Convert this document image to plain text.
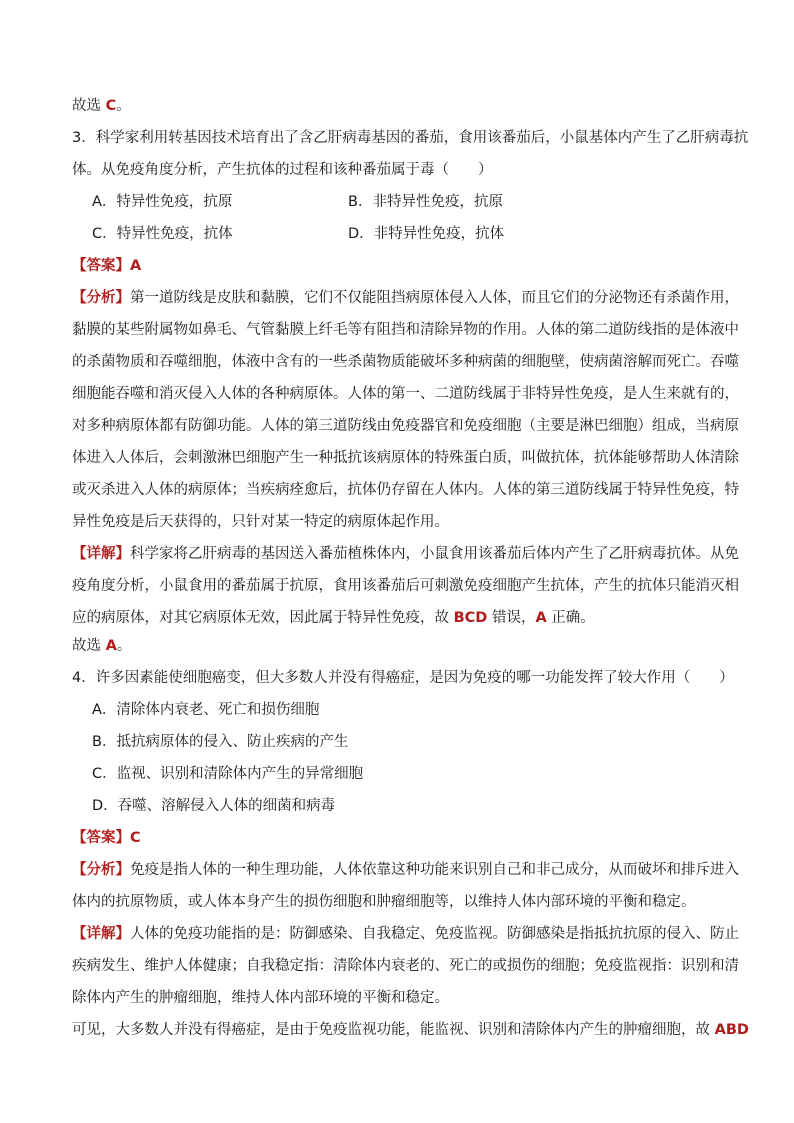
故选 C。
3．科学家利用转基因技术培育出了含乙肝病毒基因的番茄，食用该番茄后，小鼠基体内产生了乙肝病毒抗
体。从免疫角度分析，产生抗体的过程和该种番茄属于毒（　　）
A．特异性免疫，抗原	B．非特异性免疫，抗原
C．特异性免疫，抗体	D．非特异性免疫，抗体
【答案】A
【分析】第一道防线是皮肤和黏膜，它们不仅能阻挡病原体侵入人体，而且它们的分泌物还有杀菌作用，
黏膜的某些附属物如鼻毛、气管黏膜上纤毛等有阻挡和清除异物的作用。人体的第二道防线指的是体液中
的杀菌物质和吞噬细胞，体液中含有的一些杀菌物质能破坏多种病菌的细胞壁，使病菌溶解而死亡。吞噬
细胞能吞噬和消灭侵入人体的各种病原体。人体的第一、二道防线属于非特异性免疫，是人生来就有的，
对多种病原体都有防御功能。人体的第三道防线由免疫器官和免疫细胞（主要是淋巴细胞）组成，当病原
体进入人体后，会刺激淋巴细胞产生一种抵抗该病原体的特殊蛋白质，叫做抗体，抗体能够帮助人体清除
或灭杀进入人体的病原体；当疾病痊愈后，抗体仍存留在人体内。人体的第三道防线属于特异性免疫，特
异性免疫是后天获得的，只针对某一特定的病原体起作用。
【详解】科学家将乙肝病毒的基因送入番茄植株体内，小鼠食用该番茄后体内产生了乙肝病毒抗体。从免
疫角度分析，小鼠食用的番茄属于抗原，食用该番茄后可刺激免疫细胞产生抗体，产生的抗体只能消灭相
应的病原体，对其它病原体无效，因此属于特异性免疫，故 BCD 错误，A 正确。
故选 A。
4．许多因素能使细胞癌变，但大多数人并没有得癌症，是因为免疫的哪一功能发挥了较大作用（　　）
A．清除体内衰老、死亡和损伤细胞
B．抵抗病原体的侵入、防止疾病的产生
C．监视、识别和清除体内产生的异常细胞
D．吞噬、溶解侵入人体的细菌和病毒
【答案】C
【分析】免疫是指人体的一种生理功能，人体依靠这种功能来识别自己和非己成分，从而破坏和排斥进入
体内的抗原物质，或人体本身产生的损伤细胞和肿瘤细胞等，以维持人体内部环境的平衡和稳定。
【详解】人体的免疫功能指的是：防御感染、自我稳定、免疫监视。防御感染是指抵抗抗原的侵入、防止
疾病发生、维护人体健康；自我稳定指：清除体内衰老的、死亡的或损伤的细胞；免疫监视指：识别和清
除体内产生的肿瘤细胞，维持人体内部环境的平衡和稳定。
可见，大多数人并没有得癌症，是由于免疫监视功能，能监视、识别和清除体内产生的肿瘤细胞，故 ABD
